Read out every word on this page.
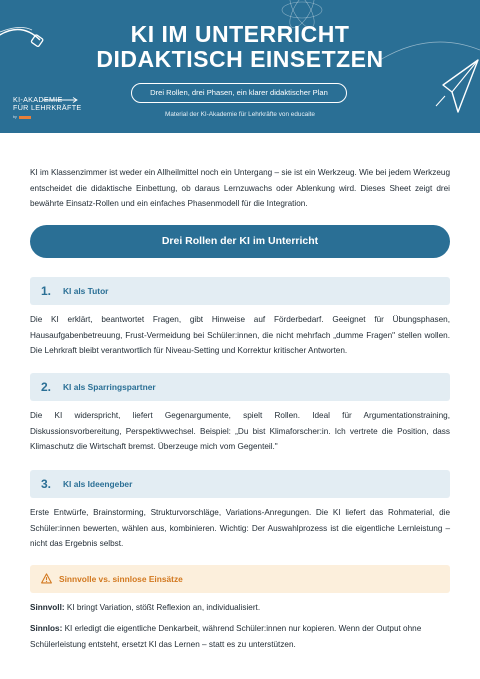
KI IM UNTERRICHT
DIDAKTISCH EINSETZEN
Drei Rollen, drei Phasen, ein klarer didaktischer Plan
Material der KI-Akademie für Lehrkräfte von educaite
KI-AKADEMIE
FÜR LEHRKRÄFTE
by
KI im Klassenzimmer ist weder ein Allheilmittel noch ein Untergang – sie ist ein Werkzeug. Wie bei jedem Werkzeug entscheidet die didaktische Einbettung, ob daraus Lernzuwachs oder Ablenkung wird. Dieses Sheet zeigt drei bewährte Einsatz-Rollen und ein einfaches Phasenmodell für die Integration.
Drei Rollen der KI im Unterricht
1. KI als Tutor
Die KI erklärt, beantwortet Fragen, gibt Hinweise auf Förderbedarf. Geeignet für Übungsphasen, Hausaufgabenbetreuung, Frust-Vermeidung bei Schüler:innen, die nicht mehrfach „dumme Fragen" stellen wollen. Die Lehrkraft bleibt verantwortlich für Niveau-Setting und Korrektur kritischer Antworten.
2. KI als Sparringspartner
Die KI widerspricht, liefert Gegenargumente, spielt Rollen. Ideal für Argumentationstraining, Diskussionsvorbereitung, Perspektivwechsel. Beispiel: „Du bist Klimaforscher:in. Ich vertrete die Position, dass Klimaschutz die Wirtschaft bremst. Überzeuge mich vom Gegenteil."
3. KI als Ideengeber
Erste Entwürfe, Brainstorming, Strukturvorschläge, Variations-Anregungen. Die KI liefert das Rohmaterial, die Schüler:innen bewerten, wählen aus, kombinieren. Wichtig: Der Auswahlprozess ist die eigentliche Lernleistung – nicht das Ergebnis selbst.
Sinnvolle vs. sinnlose Einsätze
Sinnvoll: KI bringt Variation, stößt Reflexion an, individualisiert.
Sinnlos: KI erledigt die eigentliche Denkarbeit, während Schüler:innen nur kopieren. Wenn der Output ohne Schülerleistung entsteht, ersetzt KI das Lernen – statt es zu unterstützen.
